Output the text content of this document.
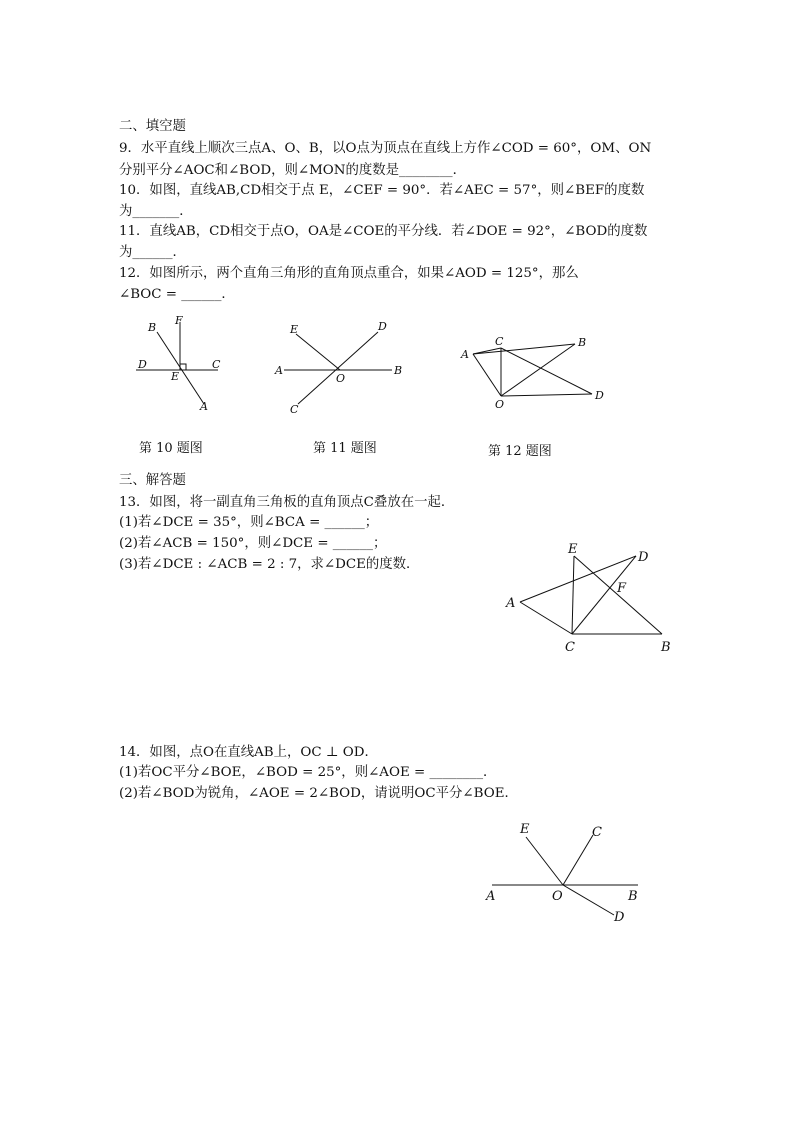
二、填空题
9．水平直线上顺次三点A、O、B，以O点为顶点在直线上方作∠COD = 60°，OM、ON
分别平分∠AOC和∠BOD，则∠MON的度数是________．
10．如图，直线AB,CD相交于点 E，∠CEF = 90°．若∠AEC = 57°，则∠BEF的度数
为_______．
11．直线AB，CD相交于点O，OA是∠COE的平分线．若∠DOE = 92°，∠BOD的度数
为______．
12．如图所示，两个直角三角形的直角顶点重合，如果∠AOD = 125°，那么
∠BOC = ______．
B
F
D	C
E
A
第 10 题图
E	D
A
O
B
C
第 11 题图
C	B
A
O
D
第 12 题图
三、解答题
13．如图，将一副直角三角板的直角顶点C叠放在一起．
(1)若∠DCE = 35°，则∠BCA = ______；
(2)若∠ACB = 150°，则∠DCE = ______；
(3)若∠DCE : ∠ACB = 2 : 7，求∠DCE的度数．
E
D
F
A
C	B
14．如图，点O在直线AB上，OC ⊥ OD．
(1)若OC平分∠BOE，∠BOD = 25°，则∠AOE = ________．
(2)若∠BOD为锐角，∠AOE = 2∠BOD，请说明OC平分∠BOE．
E	C
A	O	B
D
